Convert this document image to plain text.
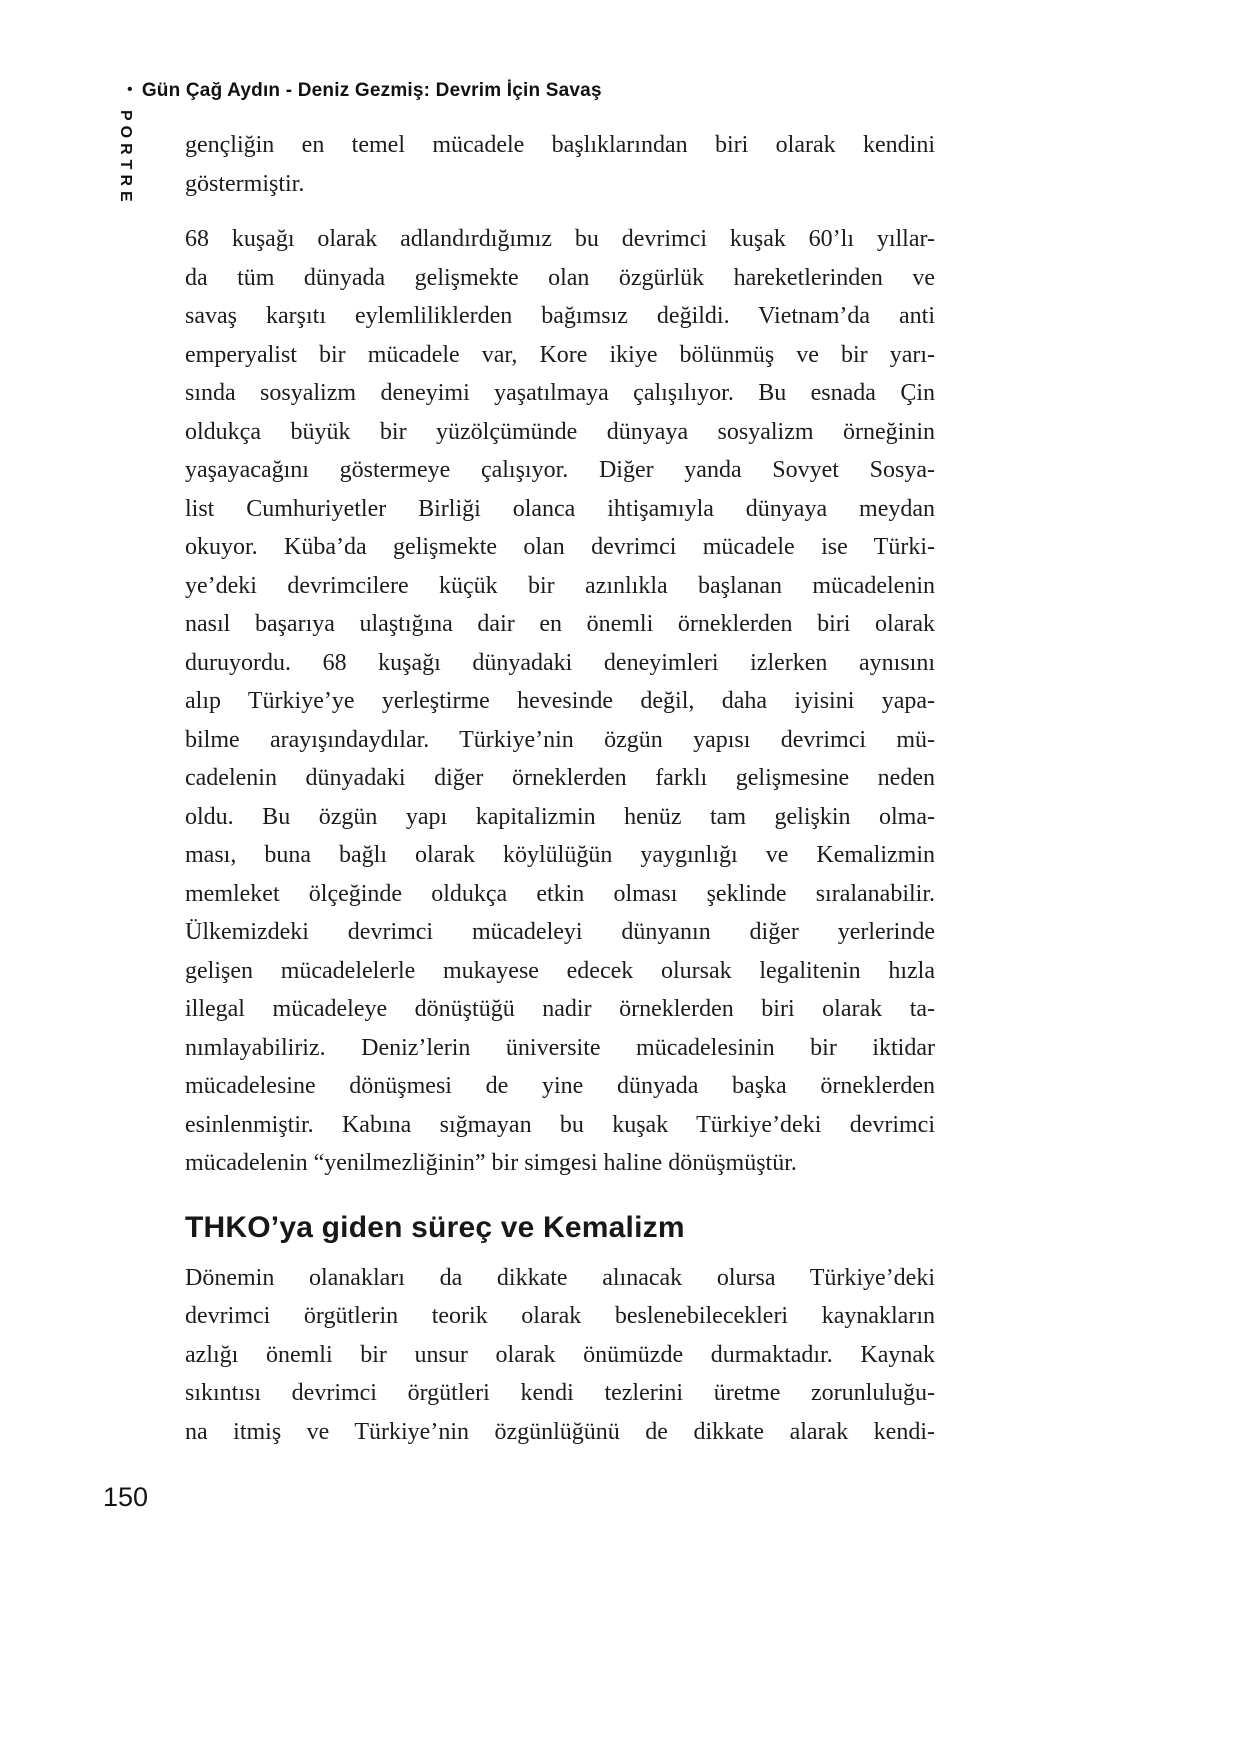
• Gün Çağ Aydın - Deniz Gezmiş: Devrim İçin Savaş
PORTRE gençliğin en temel mücadele başlıklarından biri olarak kendini
göstermiştir.

68 kuşağı olarak adlandırdığımız bu devrimci kuşak 60’lı yıllar-
da tüm dünyada gelişmekte olan özgürlük hareketlerinden ve
savaş karşıtı eylemliliklerden bağımsız değildi. Vietnam’da anti
emperyalist bir mücadele var, Kore ikiye bölünmüş ve bir yarı-
sında sosyalizm deneyimi yaşatılmaya çalışılıyor. Bu esnada Çin
oldukça büyük bir yüzölçümünde dünyaya sosyalizm örneğinin
yaşayacağını göstermeye çalışıyor. Diğer yanda Sovyet Sosya-
list Cumhuriyetler Birliği olanca ihtişamıyla dünyaya meydan
okuyor. Küba’da gelişmekte olan devrimci mücadele ise Türki-
ye’deki devrimcilere küçük bir azınlıkla başlanan mücadelenin
nasıl başarıya ulaştığına dair en önemli örneklerden biri olarak
duruyordu. 68 kuşağı dünyadaki deneyimleri izlerken aynısını
alıp Türkiye’ye yerleştirme hevesinde değil, daha iyisini yapa-
bilme arayışındaydılar. Türkiye’nin özgün yapısı devrimci mü-
cadelenin dünyadaki diğer örneklerden farklı gelişmesine neden
oldu. Bu özgün yapı kapitalizmin henüz tam gelişkin olma-
ması, buna bağlı olarak köylülüğün yaygınlığı ve Kemalizmin
memleket ölçeğinde oldukça etkin olması şeklinde sıralanabilir.
Ülkemizdeki devrimci mücadeleyi dünyanın diğer yerlerinde
gelişen mücadelelerle mukayese edecek olursak legalitenin hızla
illegal mücadeleye dönüştüğü nadir örneklerden biri olarak ta-
nımlayabiliriz. Deniz’lerin üniversite mücadelesinin bir iktidar
mücadelesine dönüşmesi de yine dünyada başka örneklerden
esinlenmiştir. Kabına sığmayan bu kuşak Türkiye’deki devrimci
mücadelenin “yenilmezliğinin” bir simgesi haline dönüşmüştür.

THKO’ya giden süreç ve Kemalizm

Dönemin olanakları da dikkate alınacak olursa Türkiye’deki
devrimci örgütlerin teorik olarak beslenebilecekleri kaynakların
azlığı önemli bir unsur olarak önümüzde durmaktadır. Kaynak
sıkıntısı devrimci örgütleri kendi tezlerini üretme zorunluluğu-
na itmiş ve Türkiye’nin özgünlüğünü de dikkate alarak kendi-

150
